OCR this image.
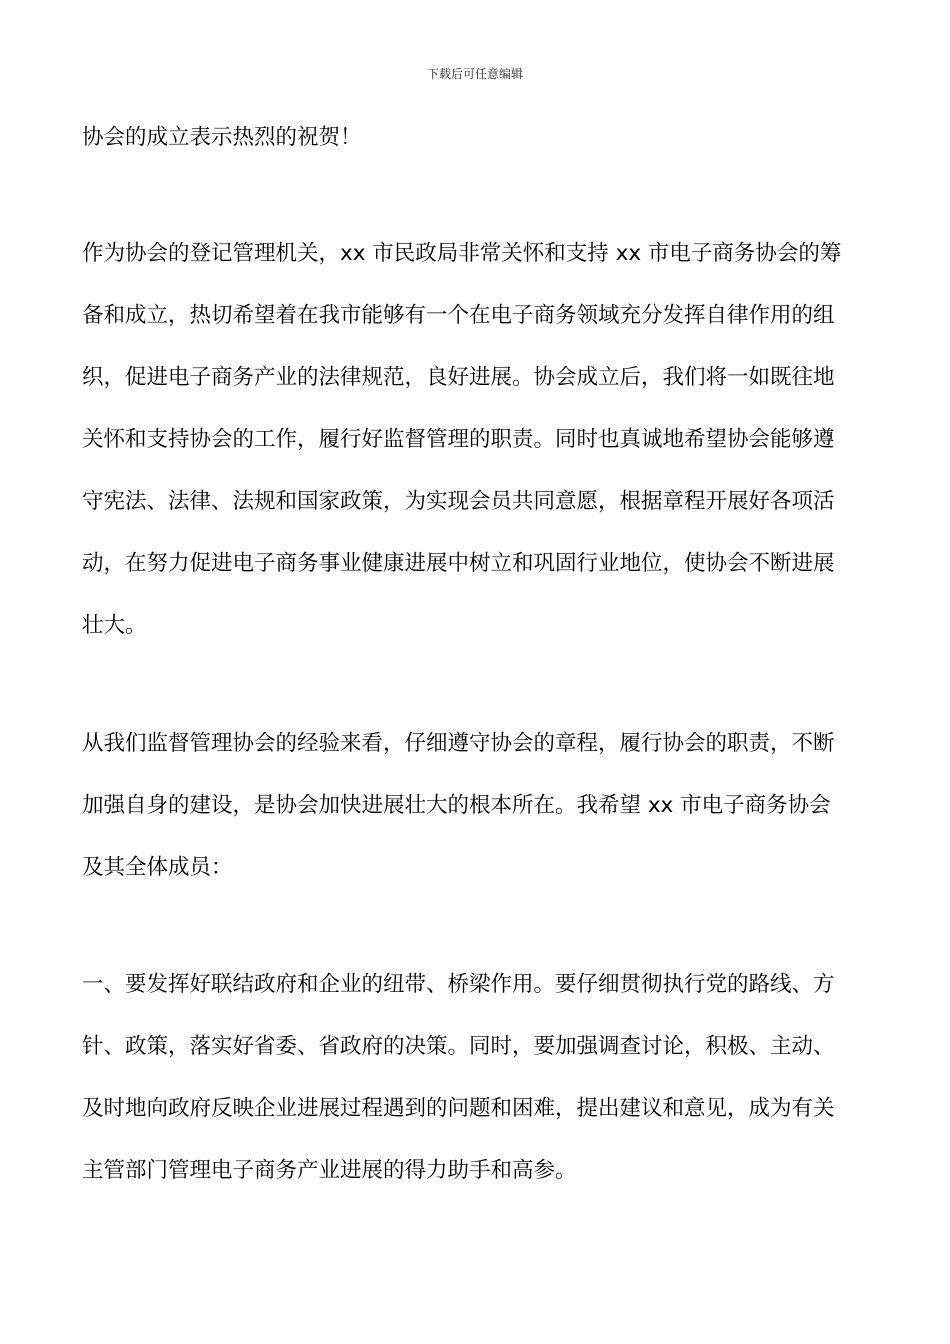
下载后可任意编辑
协会的成立表示热烈的祝贺！
作为协会的登记管理机关，xx 市民政局非常关怀和支持 xx 市电子商务协会的筹
备和成立，热切希望着在我市能够有一个在电子商务领域充分发挥自律作用的组
织，促进电子商务产业的法律规范，良好进展。协会成立后，我们将一如既往地
关怀和支持协会的工作，履行好监督管理的职责。同时也真诚地希望协会能够遵
守宪法、法律、法规和国家政策，为实现会员共同意愿，根据章程开展好各项活
动，在努力促进电子商务事业健康进展中树立和巩固行业地位，使协会不断进展
壮大。
从我们监督管理协会的经验来看，仔细遵守协会的章程，履行协会的职责，不断
加强自身的建设，是协会加快进展壮大的根本所在。我希望 xx 市电子商务协会
及其全体成员：
一、要发挥好联结政府和企业的纽带、桥梁作用。要仔细贯彻执行党的路线、方
针、政策，落实好省委、省政府的决策。同时，要加强调查讨论，积极、主动、
及时地向政府反映企业进展过程遇到的问题和困难，提出建议和意见，成为有关
主管部门管理电子商务产业进展的得力助手和高参。
